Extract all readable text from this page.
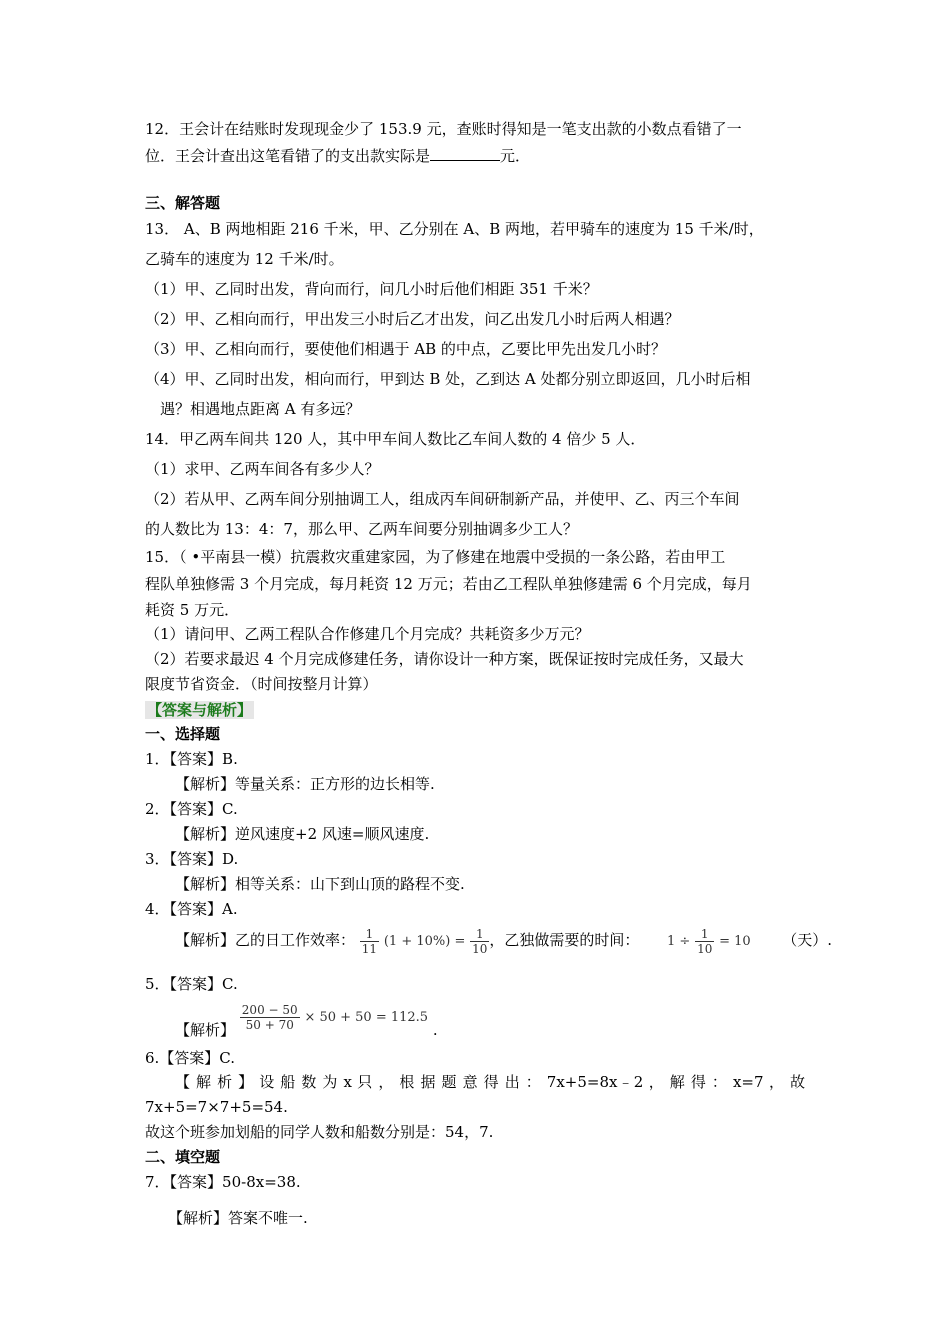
12．王会计在结账时发现现金少了 153.9 元，查账时得知是一笔支出款的小数点看错了一
位．王会计查出这笔看错了的支出款实际是	元．
三、解答题
13． A、B 两地相距 216 千米，甲、乙分别在 A、B 两地，若甲骑车的速度为 15 千米/时，
乙骑车的速度为 12 千米/时。
（1）甲、乙同时出发，背向而行，问几小时后他们相距 351 千米？
（2）甲、乙相向而行，甲出发三小时后乙才出发，问乙出发几小时后两人相遇？
（3）甲、乙相向而行，要使他们相遇于 AB 的中点，乙要比甲先出发几小时？
（4）甲、乙同时出发，相向而行，甲到达 B 处，乙到达 A 处都分别立即返回，几小时后相
遇？相遇地点距离 A 有多远？
14．甲乙两车间共 120 人，其中甲车间人数比乙车间人数的 4 倍少 5 人．
（1）求甲、乙两车间各有多少人？
（2）若从甲、乙两车间分别抽调工人，组成丙车间研制新产品，并使甲、乙、丙三个车间
的人数比为 13：4：7，那么甲、乙两车间要分别抽调多少工人？
15．（ •平南县一模）抗震救灾重建家园，为了修建在地震中受损的一条公路，若由甲工
程队单独修需 3 个月完成，每月耗资 12 万元；若由乙工程队单独修建需 6 个月完成，每月
耗资 5 万元．
（1）请问甲、乙两工程队合作修建几个月完成？共耗资多少万元？
（2）若要求最迟 4 个月完成修建任务，请你设计一种方案，既保证按时完成任务，又最大
限度节省资金．（时间按整月计算）
【答案与解析】
一、选择题
1．【答案】B.
【解析】等量关系：正方形的边长相等.
2．【答案】C.
【解析】逆风速度+2 风速=顺风速度.
3．【答案】D.
【解析】相等关系：山下到山顶的路程不变.
4．【答案】A.
【解析】乙的日工作效率： $\frac{1}{11} (1 + 10\%) = \frac{1}{10}$ ，乙独做需要的时间： $1 \div \frac{1}{10} = 10$ （天）.
5．【答案】C.
【解析】 $\frac{200 - 50}{50 + 70} \times 50 + 50 = 112.5$ .
6.【答案】C.
【 解 析 】 设 船 数 为 x 只 ， 根 据 题 意 得 出 ： 7x+5=8x﹣2 ， 解 得 ： x=7 ， 故
7x+5=7×7+5=54.
故这个班参加划船的同学人数和船数分别是：54，7.
二、填空题
7．【答案】50-8x=38.
【解析】答案不唯一.
